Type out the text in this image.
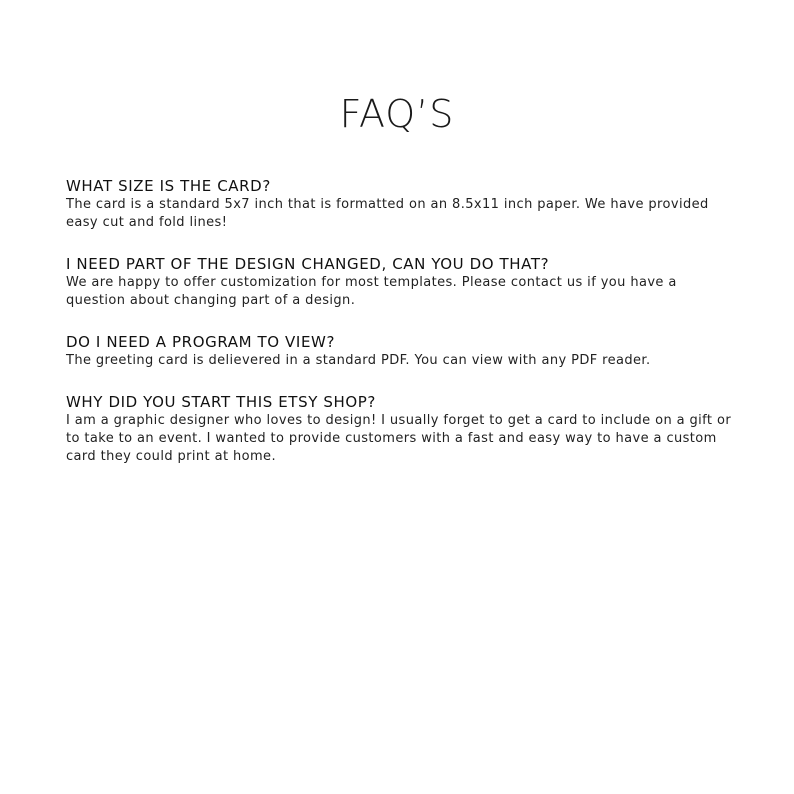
FAQ’S

WHAT SIZE IS THE CARD?

The card is a standard 5x7 inch that is formatted on an 8.5x11 inch paper. We have provided easy cut and fold lines!

I NEED PART OF THE DESIGN CHANGED, CAN YOU DO THAT?

We are happy to offer customization for most templates. Please contact us if you have a question about changing part of a design.

DO I NEED A PROGRAM TO VIEW?

The greeting card is delievered in a standard PDF. You can view with any PDF reader.

WHY DID YOU START THIS ETSY SHOP?

I am a graphic designer who loves to design! I usually forget to get a card to include on a gift or to take to an event. I wanted to provide customers with a fast and easy way to have a custom card they could print at home.
